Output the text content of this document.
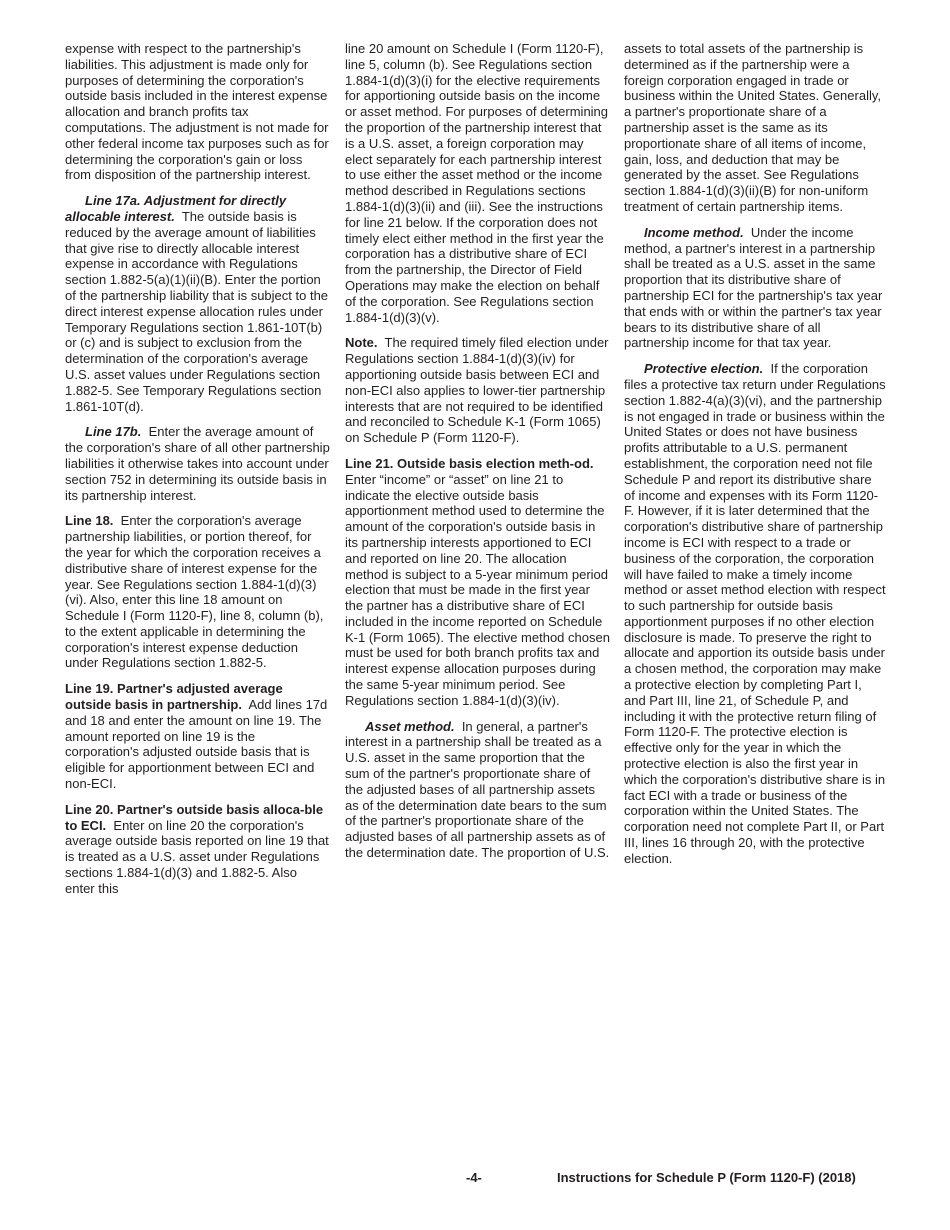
expense with respect to the partnership's liabilities. This adjustment is made only for purposes of determining the corporation's outside basis included in the interest expense allocation and branch profits tax computations. The adjustment is not made for other federal income tax purposes such as for determining the corporation's gain or loss from disposition of the partnership interest.

Line 17a. Adjustment for directly allocable interest. The outside basis is reduced by the average amount of liabilities that give rise to directly allocable interest expense in accordance with Regulations section 1.882-5(a)(1)(ii)(B). Enter the portion of the partnership liability that is subject to the direct interest expense allocation rules under Temporary Regulations section 1.861-10T(b) or (c) and is subject to exclusion from the determination of the corporation's average U.S. asset values under Regulations section 1.882-5. See Temporary Regulations section 1.861-10T(d).

Line 17b. Enter the average amount of the corporation's share of all other partnership liabilities it otherwise takes into account under section 752 in determining its outside basis in its partnership interest.

Line 18. Enter the corporation's average partnership liabilities, or portion thereof, for the year for which the corporation receives a distributive share of interest expense for the year. See Regulations section 1.884-1(d)(3)(vi). Also, enter this line 18 amount on Schedule I (Form 1120-F), line 8, column (b), to the extent applicable in determining the corporation's interest expense deduction under Regulations section 1.882-5.

Line 19. Partner's adjusted average outside basis in partnership. Add lines 17d and 18 and enter the amount on line 19. The amount reported on line 19 is the corporation's adjusted outside basis that is eligible for apportionment between ECI and non-ECI.

Line 20. Partner's outside basis alloca-ble to ECI. Enter on line 20 the corporation's average outside basis reported on line 19 that is treated as a U.S. asset under Regulations sections 1.884-1(d)(3) and 1.882-5. Also enter this

line 20 amount on Schedule I (Form 1120-F), line 5, column (b). See Regulations section 1.884-1(d)(3)(i) for the elective requirements for apportioning outside basis on the income or asset method. For purposes of determining the proportion of the partnership interest that is a U.S. asset, a foreign corporation may elect separately for each partnership interest to use either the asset method or the income method described in Regulations sections 1.884-1(d)(3)(ii) and (iii). See the instructions for line 21 below. If the corporation does not timely elect either method in the first year the corporation has a distributive share of ECI from the partnership, the Director of Field Operations may make the election on behalf of the corporation. See Regulations section 1.884-1(d)(3)(v).

Note. The required timely filed election under Regulations section 1.884-1(d)(3)(iv) for apportioning outside basis between ECI and non-ECI also applies to lower-tier partnership interests that are not required to be identified and reconciled to Schedule K-1 (Form 1065) on Schedule P (Form 1120-F).

Line 21. Outside basis election meth-od.  Enter “income” or “asset” on line 21 to indicate the elective outside basis apportionment method used to determine the amount of the corporation's outside basis in its partnership interests apportioned to ECI and reported on line 20. The allocation method is subject to a 5-year minimum period election that must be made in the first year the partner has a distributive share of ECI included in the income reported on Schedule K-1 (Form 1065). The elective method chosen must be used for both branch profits tax and interest expense allocation purposes during the same 5-year minimum period. See Regulations section 1.884-1(d)(3)(iv).

Asset method. In general, a partner's interest in a partnership shall be treated as a U.S. asset in the same proportion that the sum of the partner's proportionate share of the adjusted bases of all partnership assets as of the determination date bears to the sum of the partner's proportionate share of the adjusted bases of all partnership assets as of the determination date. The proportion of U.S.

assets to total assets of the partnership is determined as if the partnership were a foreign corporation engaged in trade or business within the United States. Generally, a partner's proportionate share of a partnership asset is the same as its proportionate share of all items of income, gain, loss, and deduction that may be generated by the asset. See Regulations section 1.884-1(d)(3)(ii)(B) for non-uniform treatment of certain partnership items.

Income method. Under the income method, a partner's interest in a partnership shall be treated as a U.S. asset in the same proportion that its distributive share of partnership ECI for the partnership's tax year that ends with or within the partner's tax year bears to its distributive share of all partnership income for that tax year.

Protective election. If the corporation files a protective tax return under Regulations section 1.882-4(a)(3)(vi), and the partnership is not engaged in trade or business within the United States or does not have business profits attributable to a U.S. permanent establishment, the corporation need not file Schedule P and report its distributive share of income and expenses with its Form 1120-F. However, if it is later determined that the corporation's distributive share of partnership income is ECI with respect to a trade or business of the corporation, the corporation will have failed to make a timely income method or asset method election with respect to such partnership for outside basis apportionment purposes if no other election disclosure is made. To preserve the right to allocate and apportion its outside basis under a chosen method, the corporation may make a protective election by completing Part I, and Part III, line 21, of Schedule P, and including it with the protective return filing of Form 1120-F. The protective election is effective only for the year in which the protective election is also the first year in which the corporation's distributive share is in fact ECI with a trade or business of the corporation within the United States. The corporation need not complete Part II, or Part III, lines 16 through 20, with the protective election.

-4-	Instructions for Schedule P (Form 1120-F) (2018)
